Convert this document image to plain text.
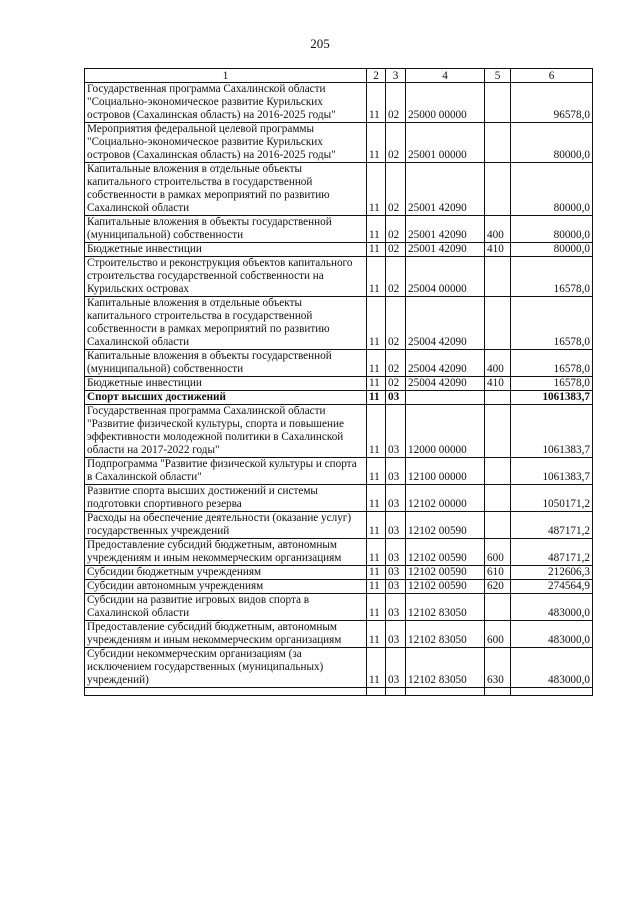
205
1	2	3	4	5	6
Государственная программа Сахалинской области "Социально-экономическое развитие Курильских островов (Сахалинская область) на 2016-2025 годы"	11	02	25000 00000		96578,0
Мероприятия федеральной целевой программы "Социально-экономическое развитие Курильских островов (Сахалинская область) на 2016-2025 годы"	11	02	25001 00000		80000,0
Капитальные вложения в отдельные объекты капитального строительства в государственной собственности в рамках мероприятий по развитию Сахалинской области	11	02	25001 42090		80000,0
Капитальные вложения в объекты государственной (муниципальной) собственности	11	02	25001 42090	400	80000,0
Бюджетные инвестиции	11	02	25001 42090	410	80000,0
Строительство и реконструкция объектов капитального строительства государственной собственности на Курильских островах	11	02	25004 00000		16578,0
Капитальные вложения в отдельные объекты капитального строительства в государственной собственности в рамках мероприятий по развитию Сахалинской области	11	02	25004 42090		16578,0
Капитальные вложения в объекты государственной (муниципальной) собственности	11	02	25004 42090	400	16578,0
Бюджетные инвестиции	11	02	25004 42090	410	16578,0
Спорт высших достижений	11	03			1061383,7
Государственная программа Сахалинской области "Развитие физической культуры, спорта и повышение эффективности молодежной политики в Сахалинской области на 2017-2022 годы"	11	03	12000 00000		1061383,7
Подпрограмма "Развитие физической культуры и спорта в Сахалинской области"	11	03	12100 00000		1061383,7
Развитие спорта высших достижений и системы подготовки спортивного резерва	11	03	12102 00000		1050171,2
Расходы на обеспечение деятельности (оказание услуг) государственных учреждений	11	03	12102 00590		487171,2
Предоставление субсидий бюджетным, автономным учреждениям и иным некоммерческим организациям	11	03	12102 00590	600	487171,2
Субсидии бюджетным учреждениям	11	03	12102 00590	610	212606,3
Субсидии автономным учреждениям	11	03	12102 00590	620	274564,9
Субсидии на развитие игровых видов спорта в Сахалинской области	11	03	12102 83050		483000,0
Предоставление субсидий бюджетным, автономным учреждениям и иным некоммерческим организациям	11	03	12102 83050	600	483000,0
Субсидии некоммерческим организациям (за исключением государственных (муниципальных) учреждений)	11	03	12102 83050	630	483000,0
